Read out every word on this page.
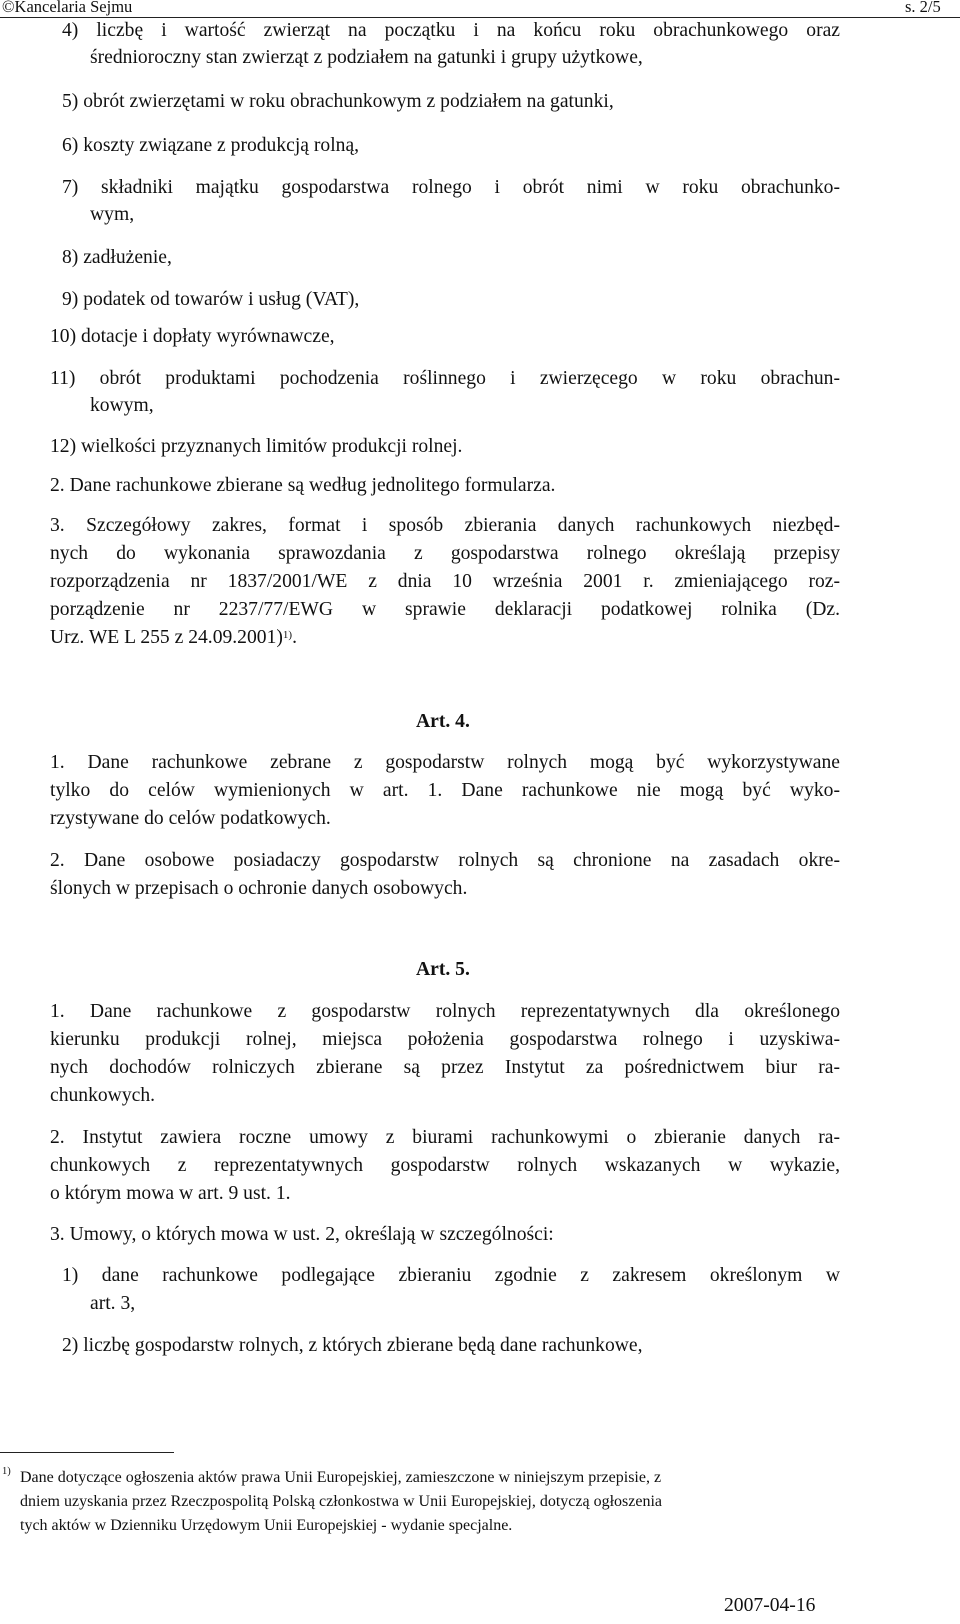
©Kancelaria Sejmu	s. 2/5
4) liczbę i wartość zwierząt na początku i na końcu roku obrachunkowego oraz
średnioroczny stan zwierząt z podziałem na gatunki i grupy użytkowe,
5) obrót zwierzętami w roku obrachunkowym z podziałem na gatunki,
6) koszty związane z produkcją rolną,
7) składniki majątku gospodarstwa rolnego i obrót nimi w roku obrachunko-
wym,
8) zadłużenie,
9) podatek od towarów i usług (VAT),
10) dotacje i dopłaty wyrównawcze,
11) obrót produktami pochodzenia roślinnego i zwierzęcego w roku obrachun-
kowym,
12) wielkości przyznanych limitów produkcji rolnej.
2. Dane rachunkowe zbierane są według jednolitego formularza.
3. Szczegółowy zakres, format i sposób zbierania danych rachunkowych niezbęd-
nych do wykonania sprawozdania z gospodarstwa rolnego określają przepisy
rozporządzenia nr 1837/2001/WE z dnia 10 września 2001 r. zmieniającego roz-
porządzenie nr 2237/77/EWG w sprawie deklaracji podatkowej rolnika (Dz.
Urz. WE L 255 z 24.09.2001)$^{1)}$.
Art. 4.
1. Dane rachunkowe zebrane z gospodarstw rolnych mogą być wykorzystywane
tylko do celów wymienionych w art. 1. Dane rachunkowe nie mogą być wyko-
rzystywane do celów podatkowych.
2. Dane osobowe posiadaczy gospodarstw rolnych są chronione na zasadach okre-
ślonych w przepisach o ochronie danych osobowych.
Art. 5.
1. Dane rachunkowe z gospodarstw rolnych reprezentatywnych dla określonego
kierunku produkcji rolnej, miejsca położenia gospodarstwa rolnego i uzyskiwa-
nych dochodów rolniczych zbierane są przez Instytut za pośrednictwem biur ra-
chunkowych.
2. Instytut zawiera roczne umowy z biurami rachunkowymi o zbieranie danych ra-
chunkowych z reprezentatywnych gospodarstw rolnych wskazanych w wykazie,
o którym mowa w art. 9 ust. 1.
3. Umowy, o których mowa w ust. 2, określają w szczególności:
1) dane rachunkowe podlegające zbieraniu zgodnie z zakresem określonym w
art. 3,
2) liczbę gospodarstw rolnych, z których zbierane będą dane rachunkowe,
1) Dane dotyczące ogłoszenia aktów prawa Unii Europejskiej, zamieszczone w niniejszym przepisie, z
dniem uzyskania przez Rzeczpospolitą Polską członkostwa w Unii Europejskiej, dotyczą ogłoszenia
tych aktów w Dzienniku Urzędowym Unii Europejskiej - wydanie specjalne.
2007-04-16
